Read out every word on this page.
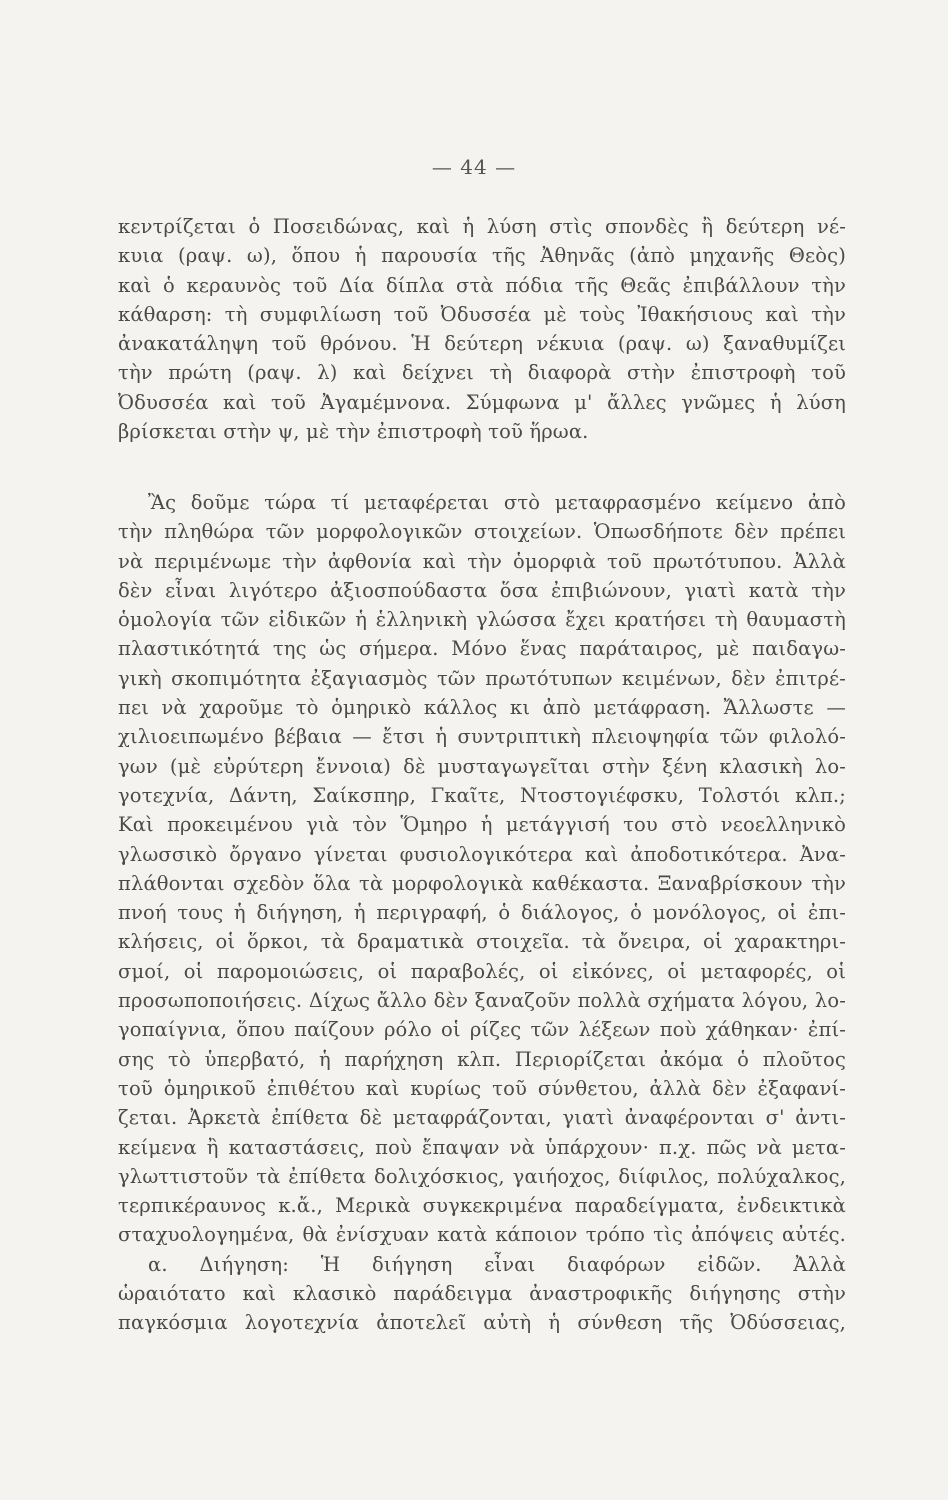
— 44 —
κεντρίζεται ὁ Ποσειδώνας, καὶ ἡ λύση στὶς σπονδὲς ἢ δεύτερη νέ-
κυια (ραψ. ω), ὅπου ἡ παρουσία τῆς Ἀθηνᾶς (ἀπὸ μηχανῆς Θεὸς)
καὶ ὁ κεραυνὸς τοῦ Δία δίπλα στὰ πόδια τῆς Θεᾶς ἐπιβάλλουν τὴν
κάθαρση: τὴ συμφιλίωση τοῦ Ὀδυσσέα μὲ τοὺς Ἰθακήσιους καὶ τὴν
ἀνακατάληψη τοῦ θρόνου. Ἡ δεύτερη νέκυια (ραψ. ω) ξαναθυμίζει
τὴν πρώτη (ραψ. λ) καὶ δείχνει τὴ διαφορὰ στὴν ἐπιστροφὴ τοῦ
Ὀδυσσέα καὶ τοῦ Ἀγαμέμνονα. Σύμφωνα μ' ἄλλες γνῶμες ἡ λύση
βρίσκεται στὴν ψ, μὲ τὴν ἐπιστροφὴ τοῦ ἥρωα.
Ἂς δοῦμε τώρα τί μεταφέρεται στὸ μεταφρασμένο κείμενο ἀπὸ
τὴν πληθώρα τῶν μορφολογικῶν στοιχείων. Ὁπωσδήποτε δὲν πρέπει
νὰ περιμένωμε τὴν ἀφθονία καὶ τὴν ὁμορφιὰ τοῦ πρωτότυπου. Ἀλλὰ
δὲν εἶναι λιγότερο ἀξιοσπούδαστα ὅσα ἐπιβιώνουν, γιατὶ κατὰ τὴν
ὁμολογία τῶν εἰδικῶν ἡ ἑλληνικὴ γλώσσα ἔχει κρατήσει τὴ θαυμαστὴ
πλαστικότητά της ὡς σήμερα. Μόνο ἕνας παράταιρος, μὲ παιδαγω-
γικὴ σκοπιμότητα ἐξαγιασμὸς τῶν πρωτότυπων κειμένων, δὲν ἐπιτρέ-
πει νὰ χαροῦμε τὸ ὁμηρικὸ κάλλος κι ἀπὸ μετάφραση. Ἄλλωστε —
χιλιοειπωμένο βέβαια — ἔτσι ἡ συντριπτικὴ πλειοψηφία τῶν φιλολό-
γων (μὲ εὐρύτερη ἔννοια) δὲ μυσταγωγεῖται στὴν ξένη κλασικὴ λο-
γοτεχνία, Δάντη, Σαίκσπηρ, Γκαῖτε, Ντοστογιέφσκυ, Τολστόι κλπ.;
Καὶ προκειμένου γιὰ τὸν Ὅμηρο ἡ μετάγγισή του στὸ νεοελληνικὸ
γλωσσικὸ ὄργανο γίνεται φυσιολογικότερα καὶ ἀποδοτικότερα. Ἀνα-
πλάθονται σχεδὸν ὅλα τὰ μορφολογικὰ καθέκαστα. Ξαναβρίσκουν τὴν
πνοή τους ἡ διήγηση, ἡ περιγραφή, ὁ διάλογος, ὁ μονόλογος, οἱ ἐπι-
κλήσεις, οἱ ὅρκοι, τὰ δραματικὰ στοιχεῖα. τὰ ὄνειρα, οἱ χαρακτηρι-
σμοί, οἱ παρομοιώσεις, οἱ παραβολές, οἱ εἰκόνες, οἱ μεταφορές, οἱ
προσωποποιήσεις. Δίχως ἄλλο δὲν ξαναζοῦν πολλὰ σχήματα λόγου, λο-
γοπαίγνια, ὅπου παίζουν ρόλο οἱ ρίζες τῶν λέξεων ποὺ χάθηκαν· ἐπί-
σης τὸ ὑπερβατό, ἡ παρήχηση κλπ. Περιορίζεται ἀκόμα ὁ πλοῦτος
τοῦ ὁμηρικοῦ ἐπιθέτου καὶ κυρίως τοῦ σύνθετου, ἀλλὰ δὲν ἐξαφανί-
ζεται. Ἀρκετὰ ἐπίθετα δὲ μεταφράζονται, γιατὶ ἀναφέρονται σ' ἀντι-
κείμενα ἢ καταστάσεις, ποὺ ἔπαψαν νὰ ὑπάρχουν· π.χ. πῶς νὰ μετα-
γλωττιστοῦν τὰ ἐπίθετα δολιχόσκιος, γαιήοχος, διίφιλος, πολύχαλκος,
τερπικέραυνος κ.ἄ., Μερικὰ συγκεκριμένα παραδείγματα, ἐνδεικτικὰ
σταχυολογημένα, θὰ ἐνίσχυαν κατὰ κάποιον τρόπο τὶς ἀπόψεις αὐτές.
α. Διήγηση: Ἡ διήγηση εἶναι διαφόρων εἰδῶν. Ἀλλὰ
ὡραιότατο καὶ κλασικὸ παράδειγμα ἀναστροφικῆς διήγησης στὴν
παγκόσμια λογοτεχνία ἀποτελεῖ αὐτὴ ἡ σύνθεση τῆς Ὀδύσσειας,
